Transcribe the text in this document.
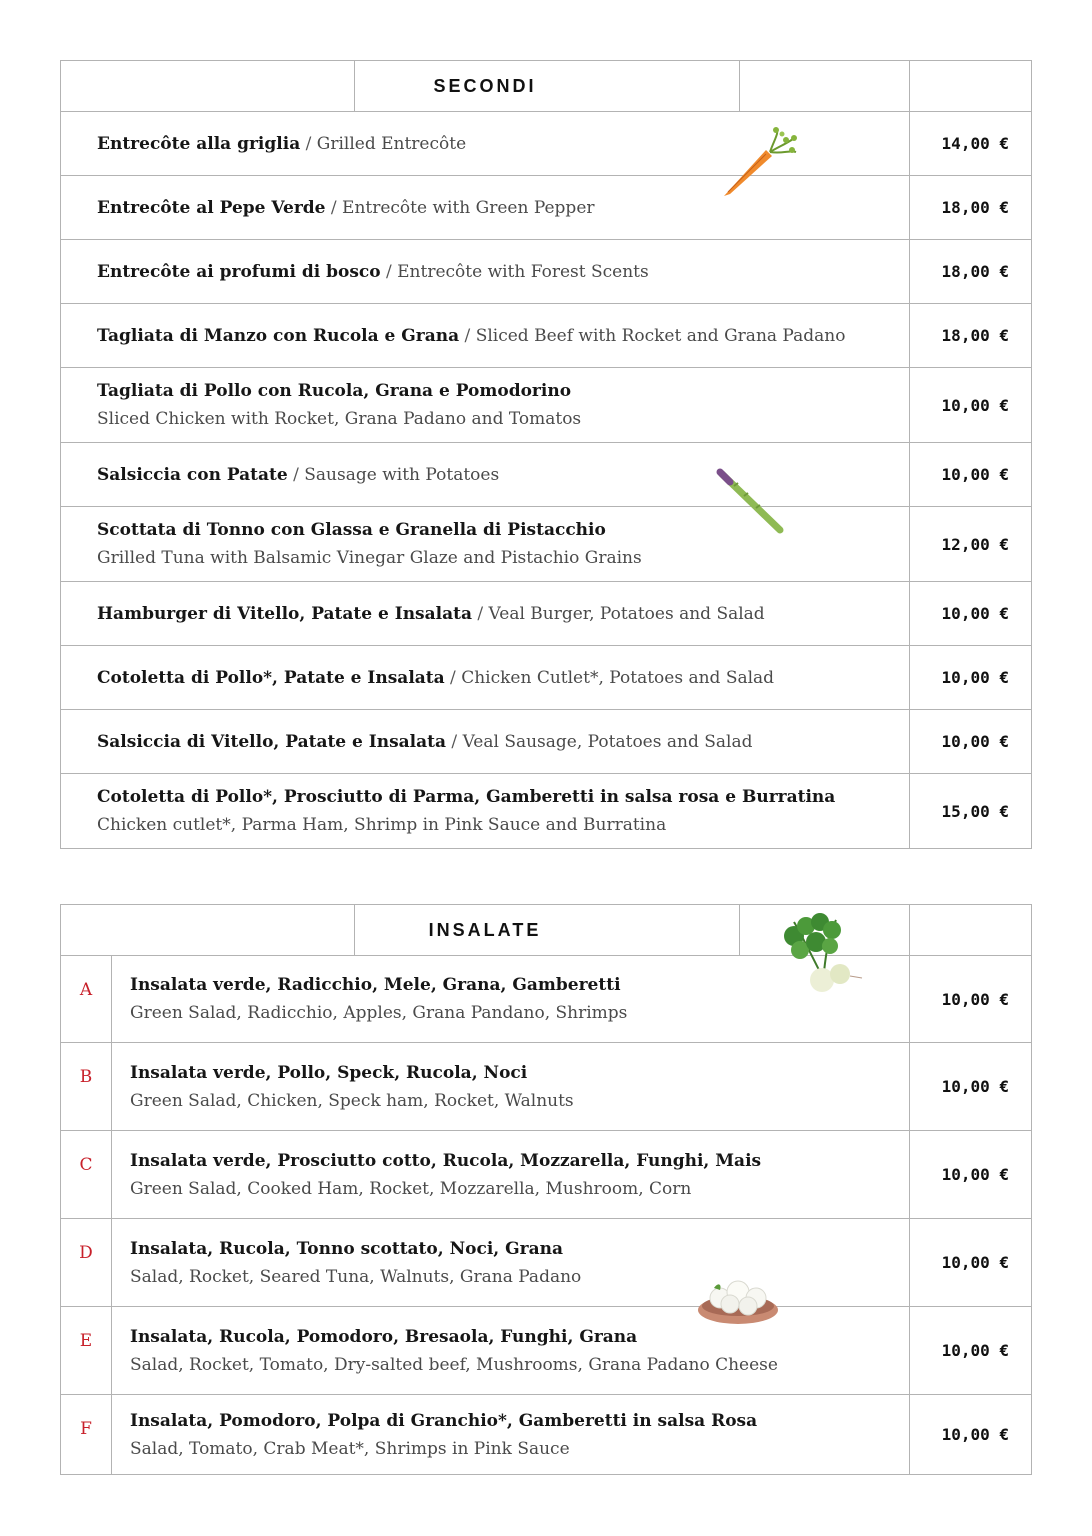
SECONDI	

Entrecôte alla griglia / Grilled Entrecôte	14,00 €

Entrecôte al Pepe Verde / Entrecôte with Green Pepper	18,00 €

Entrecôte ai profumi di bosco / Entrecôte with Forest Scents	18,00 €

Tagliata di Manzo con Rucola e Grana / Sliced Beef with Rocket and Grana Padano	18,00 €

Tagliata di Pollo con Rucola, Grana e Pomodorino
Sliced Chicken with Rocket, Grana Padano and Tomatos	10,00 €

Salsiccia con Patate / Sausage with Potatoes	10,00 €

Scottata di Tonno con Glassa e Granella di Pistacchio
Grilled Tuna with Balsamic Vinegar Glaze and Pistachio Grains	12,00 €

Hamburger di Vitello, Patate e Insalata / Veal Burger, Potatoes and Salad	10,00 €

Cotoletta di Pollo*, Patate e Insalata / Chicken Cutlet*, Potatoes and Salad	10,00 €

Salsiccia di Vitello, Patate e Insalata / Veal Sausage, Potatoes and Salad	10,00 €

Cotoletta di Pollo*, Prosciutto di Parma, Gamberetti in salsa rosa e Burratina
Chicken cutlet*, Parma Ham, Shrimp in Pink Sauce and Burratina	15,00 €
INSALATE		
A	Insalata verde, Radicchio, Mele, Grana, Gamberetti
Green Salad, Radicchio, Apples, Grana Pandano, Shrimps	10,00 €
B	Insalata verde, Pollo, Speck, Rucola, Noci
Green Salad, Chicken, Speck ham, Rocket, Walnuts	10,00 €
C	Insalata verde, Prosciutto cotto, Rucola, Mozzarella, Funghi, Mais
Green Salad, Cooked Ham, Rocket, Mozzarella, Mushroom, Corn	10,00 €
D	Insalata, Rucola, Tonno scottato, Noci, Grana
Salad, Rocket, Seared Tuna, Walnuts, Grana Padano	10,00 €
E	Insalata, Rucola, Pomodoro, Bresaola, Funghi, Grana
Salad, Rocket, Tomato, Dry-salted beef, Mushrooms, Grana Padano Cheese	10,00 €
F	Insalata, Pomodoro, Polpa di Granchio*, Gamberetti in salsa Rosa
Salad, Tomato, Crab Meat*, Shrimps in Pink Sauce	10,00 €
